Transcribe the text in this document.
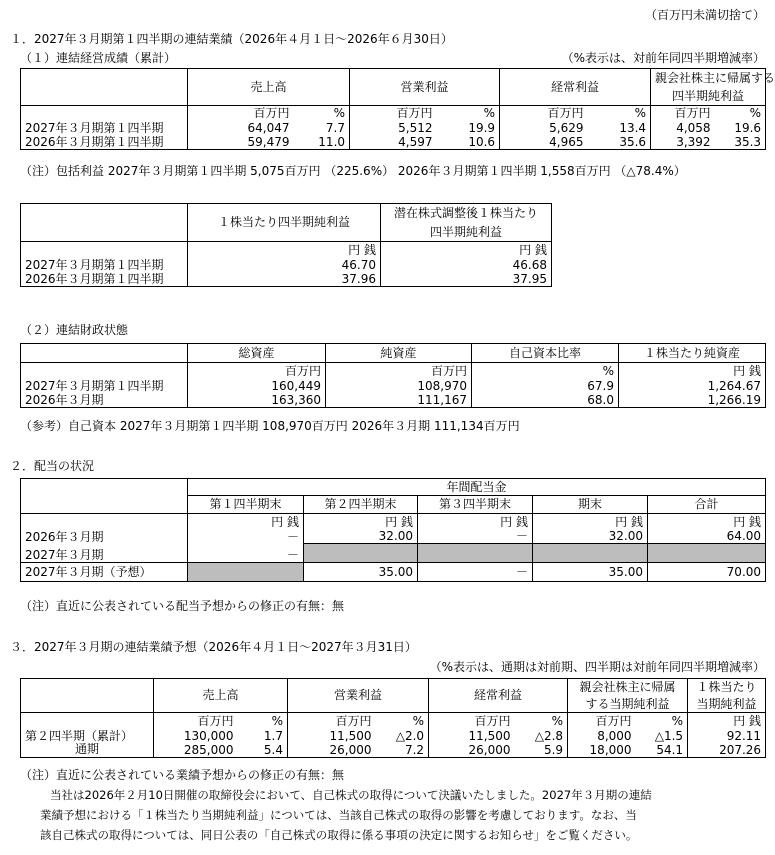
（百万円未満切捨て）
１．2027年３月期第１四半期の連結業績（2026年４月１日～2026年６月30日）
（１）連結経営成績（累計）	（%表示は、対前年同四半期増減率）
	売上高		営業利益		経常利益		親会社株主に帰属する	
							四半期純利益	
	百万円	%	百万円	%	百万円	%	百万円	%
2027年３月期第１四半期	64,047	7.7	5,512	19.9	5,629	13.4	4,058	19.6
2026年３月期第１四半期	59,479	11.0	4,597	10.6	4,965	35.6	3,392	35.3
（注）包括利益 2027年３月期第１四半期 5,075百万円 （225.6%） 2026年３月期第１四半期 1,558百万円 （△78.4%）
	１株当たり四半期純利益	潜在株式調整後１株当たり
		四半期純利益
	円 銭	円 銭
2027年３月期第１四半期	46.70	46.68
2026年３月期第１四半期	37.96	37.95
（２）連結財政状態
	総資産	純資産	自己資本比率	１株当たり純資産
	百万円	百万円	%	円 銭
2027年３月期第１四半期	160,449	108,970	67.9	1,264.67
2026年３月期	163,360	111,167	68.0	1,266.19
（参考）自己資本 2027年３月期第１四半期 108,970百万円 2026年３月期 111,134百万円
２．配当の状況
	年間配当金				
	第１四半期末	第２四半期末	第３四半期末	期末	合計
	円 銭	円 銭	円 銭	円 銭	円 銭
2026年３月期	－	32.00	－	32.00	64.00
2027年３月期	－				
2027年３月期（予想）		35.00	－	35.00	70.00
（注）直近に公表されている配当予想からの修正の有無：無
３．2027年３月期の連結業績予想（2026年４月１日～2027年３月31日）
（%表示は、通期は対前期、四半期は対前年同四半期増減率）
	売上高		営業利益		経常利益		親会社株主に帰属		１株当たり
							する当期純利益		当期純利益
	百万円	%	百万円	%	百万円	%	百万円	%	円 銭
第２四半期（累計）	130,000	1.7	11,500	△2.0	11,500	△2.8	8,000	△1.5	92.11
通期	285,000	5.4	26,000	7.2	26,000	5.9	18,000	54.1	207.26
（注）直近に公表されている業績予想からの修正の有無：無
当社は2026年２月10日開催の取締役会において、自己株式の取得について決議いたしました。2027年３月期の連結
業績予想における「１株当たり当期純利益」については、当該自己株式の取得の影響を考慮しております。なお、当
該自己株式の取得については、同日公表の「自己株式の取得に係る事項の決定に関するお知らせ」をご覧ください。
